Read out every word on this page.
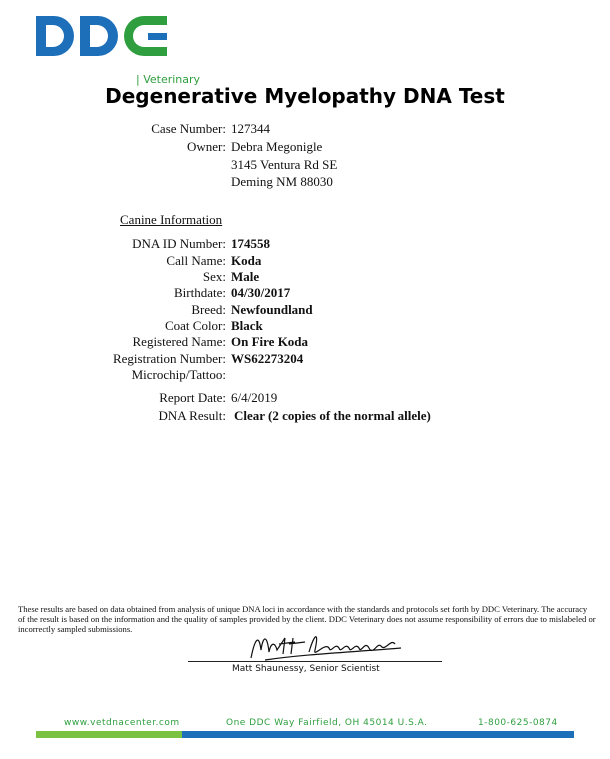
| Veterinary
Degenerative Myelopathy DNA Test
Case Number: 127344
Owner: Debra Megonigle
3145 Ventura Rd SE
Deming NM 88030
Canine Information
DNA ID Number: 174558
Call Name: Koda
Sex: Male
Birthdate: 04/30/2017
Breed: Newfoundland
Coat Color: Black
Registered Name: On Fire Koda
Registration Number: WS62273204
Microchip/Tattoo:
Report Date: 6/4/2019
DNA Result: Clear (2 copies of the normal allele)
These results are based on data obtained from analysis of unique DNA loci in accordance with the standards and protocols set forth by DDC Veterinary. The accuracy of the result is based on the information and the quality of samples provided by the client. DDC Veterinary does not assume responsibility of errors due to mislabeled or incorrectly sampled submissions.
Matt Shaunessy, Senior Scientist
www.vetdnacenter.com	One DDC Way Fairfield, OH 45014 U.S.A.	1-800-625-0874
